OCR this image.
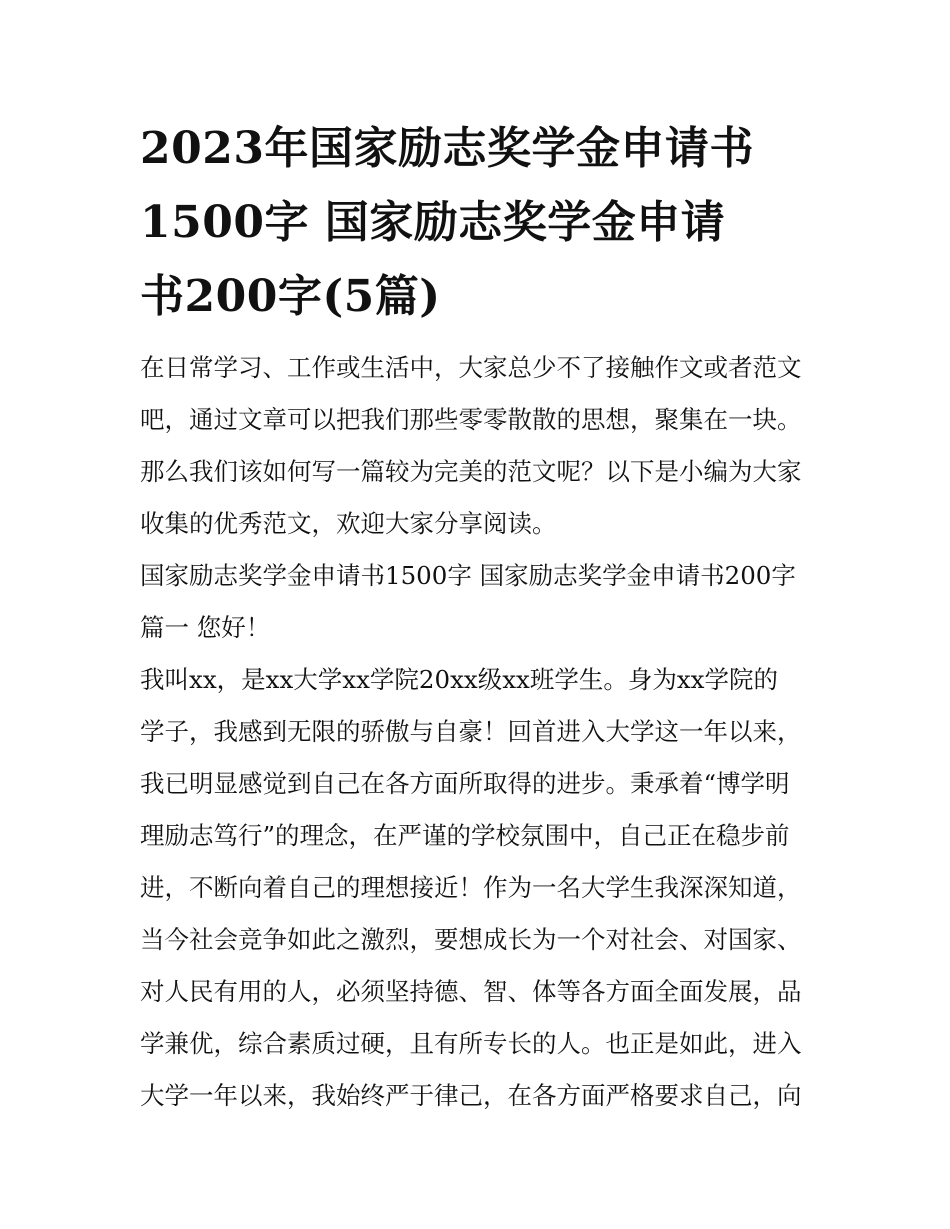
2023年国家励志奖学金申请书
1500字 国家励志奖学金申请
书200字(5篇)
在日常学习、工作或生活中，大家总少不了接触作文或者范文
吧，通过文章可以把我们那些零零散散的思想，聚集在一块。
那么我们该如何写一篇较为完美的范文呢？以下是小编为大家
收集的优秀范文，欢迎大家分享阅读。
国家励志奖学金申请书1500字 国家励志奖学金申请书200字
篇一 您好！
我叫xx，是xx大学xx学院20xx级xx班学生。身为xx学院的
学子，我感到无限的骄傲与自豪！回首进入大学这一年以来，
我已明显感觉到自己在各方面所取得的进步。秉承着“博学明
理励志笃行”的理念，在严谨的学校氛围中，自己正在稳步前
进，不断向着自己的理想接近！作为一名大学生我深深知道，
当今社会竞争如此之激烈，要想成长为一个对社会、对国家、
对人民有用的人，必须坚持德、智、体等各方面全面发展，品
学兼优，综合素质过硬，且有所专长的人。也正是如此，进入
大学一年以来，我始终严于律己，在各方面严格要求自己，向
